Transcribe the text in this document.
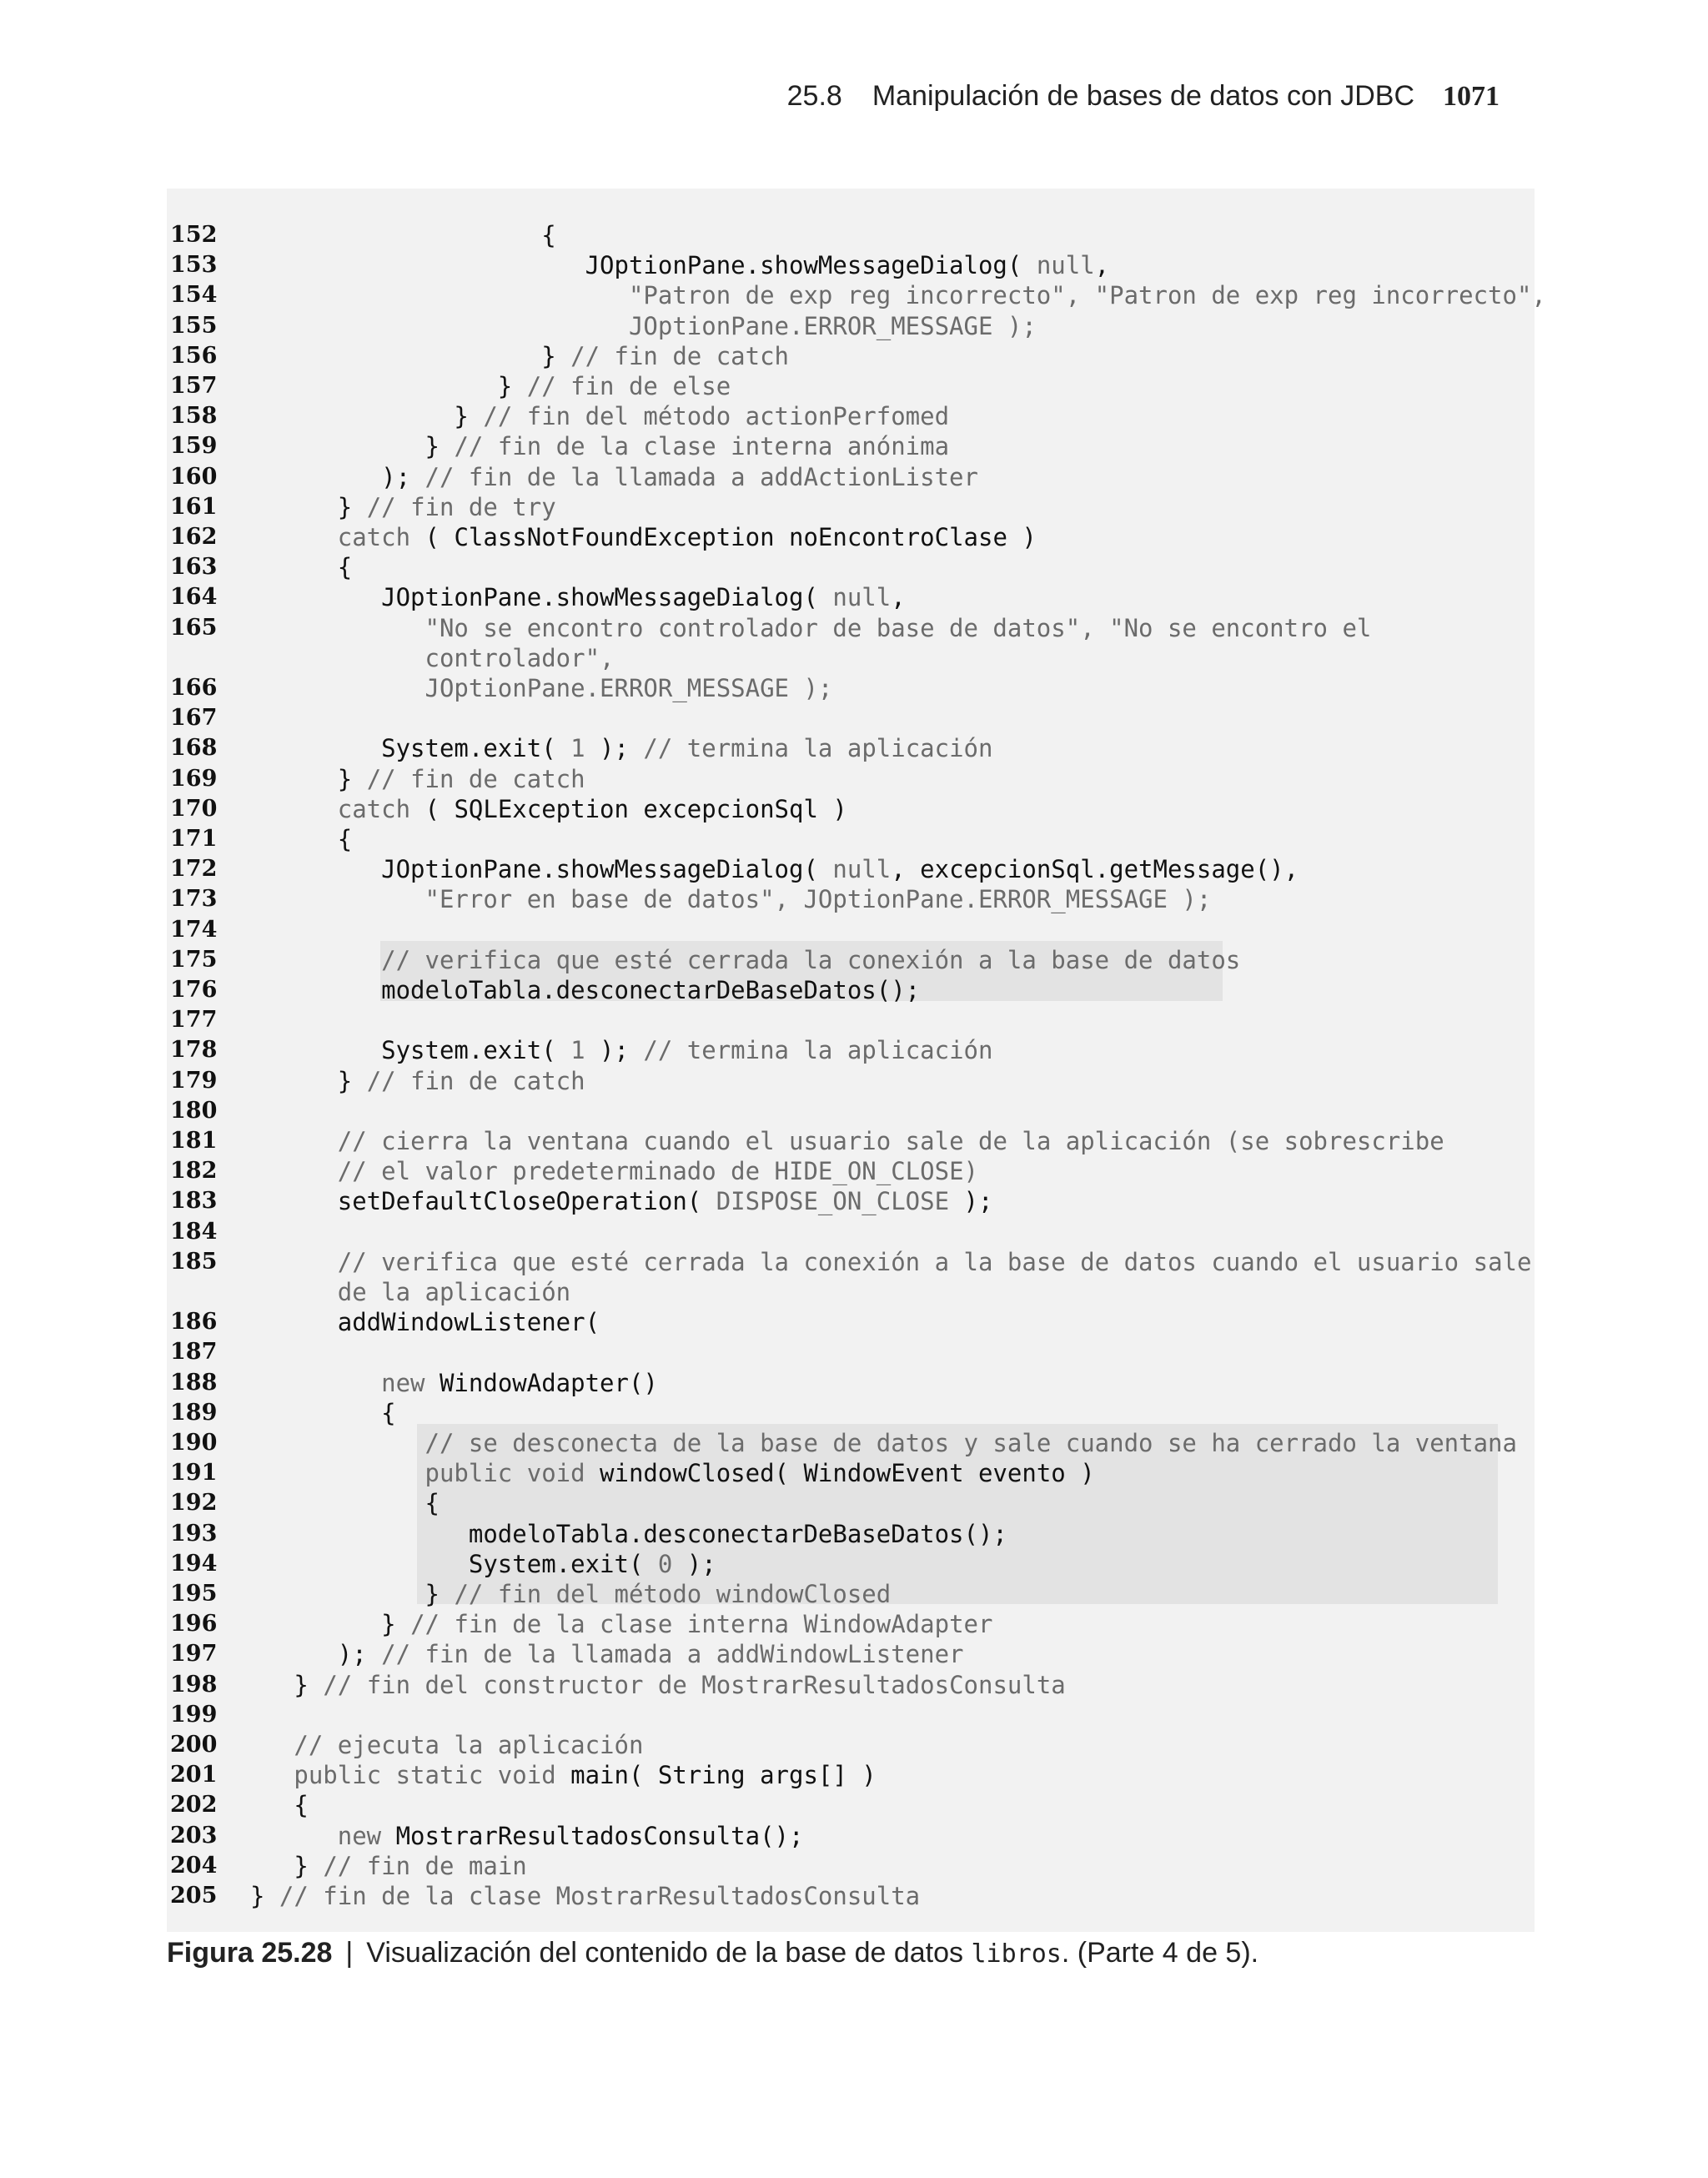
25.8 Manipulación de bases de datos con JDBC 1071
152 {
153 JOptionPane.showMessageDialog( null,
154 "Patron de exp reg incorrecto", "Patron de exp reg incorrecto",
155 JOptionPane.ERROR_MESSAGE );
156 } // fin de catch
157 } // fin de else
158 } // fin del método actionPerfomed
159 } // fin de la clase interna anónima
160 ); // fin de la llamada a addActionLister
161 } // fin de try
162 catch ( ClassNotFoundException noEncontroClase )
163 {
164 JOptionPane.showMessageDialog( null,
165 "No se encontro controlador de base de datos", "No se encontro el
controlador",
166 JOptionPane.ERROR_MESSAGE );
167
168 System.exit( 1 ); // termina la aplicación
169 } // fin de catch
170 catch ( SQLException excepcionSql )
171 {
172 JOptionPane.showMessageDialog( null, excepcionSql.getMessage(),
173 "Error en base de datos", JOptionPane.ERROR_MESSAGE );
174
175	// verifica que esté cerrada la conexión a la base de datos
176 modeloTabla.desconectarDeBaseDatos();
177
178 System.exit( 1 ); // termina la aplicación
179 } // fin de catch
180
181	// cierra la ventana cuando el usuario sale de la aplicación (se sobrescribe
182	// el valor predeterminado de HIDE_ON_CLOSE)
183 setDefaultCloseOperation( DISPOSE_ON_CLOSE );
184
185	// verifica que esté cerrada la conexión a la base de datos cuando el usuario sale
de la aplicación
186 addWindowListener(
187
188 new WindowAdapter()
189 {
190	// se desconecta de la base de datos y sale cuando se ha cerrado la ventana
191 public void windowClosed( WindowEvent evento )
192 {
193 modeloTabla.desconectarDeBaseDatos();
194 System.exit( 0 );
195 } // fin del método windowClosed
196 } // fin de la clase interna WindowAdapter
197 ); // fin de la llamada a addWindowListener
198 } // fin del constructor de MostrarResultadosConsulta
199
200	// ejecuta la aplicación
201 public static void main( String args[] )
202 {
203 new MostrarResultadosConsulta();
204 } // fin de main
205 } // fin de la clase MostrarResultadosConsulta
Figura 25.28 | Visualización del contenido de la base de datos libros. (Parte 4 de 5).
